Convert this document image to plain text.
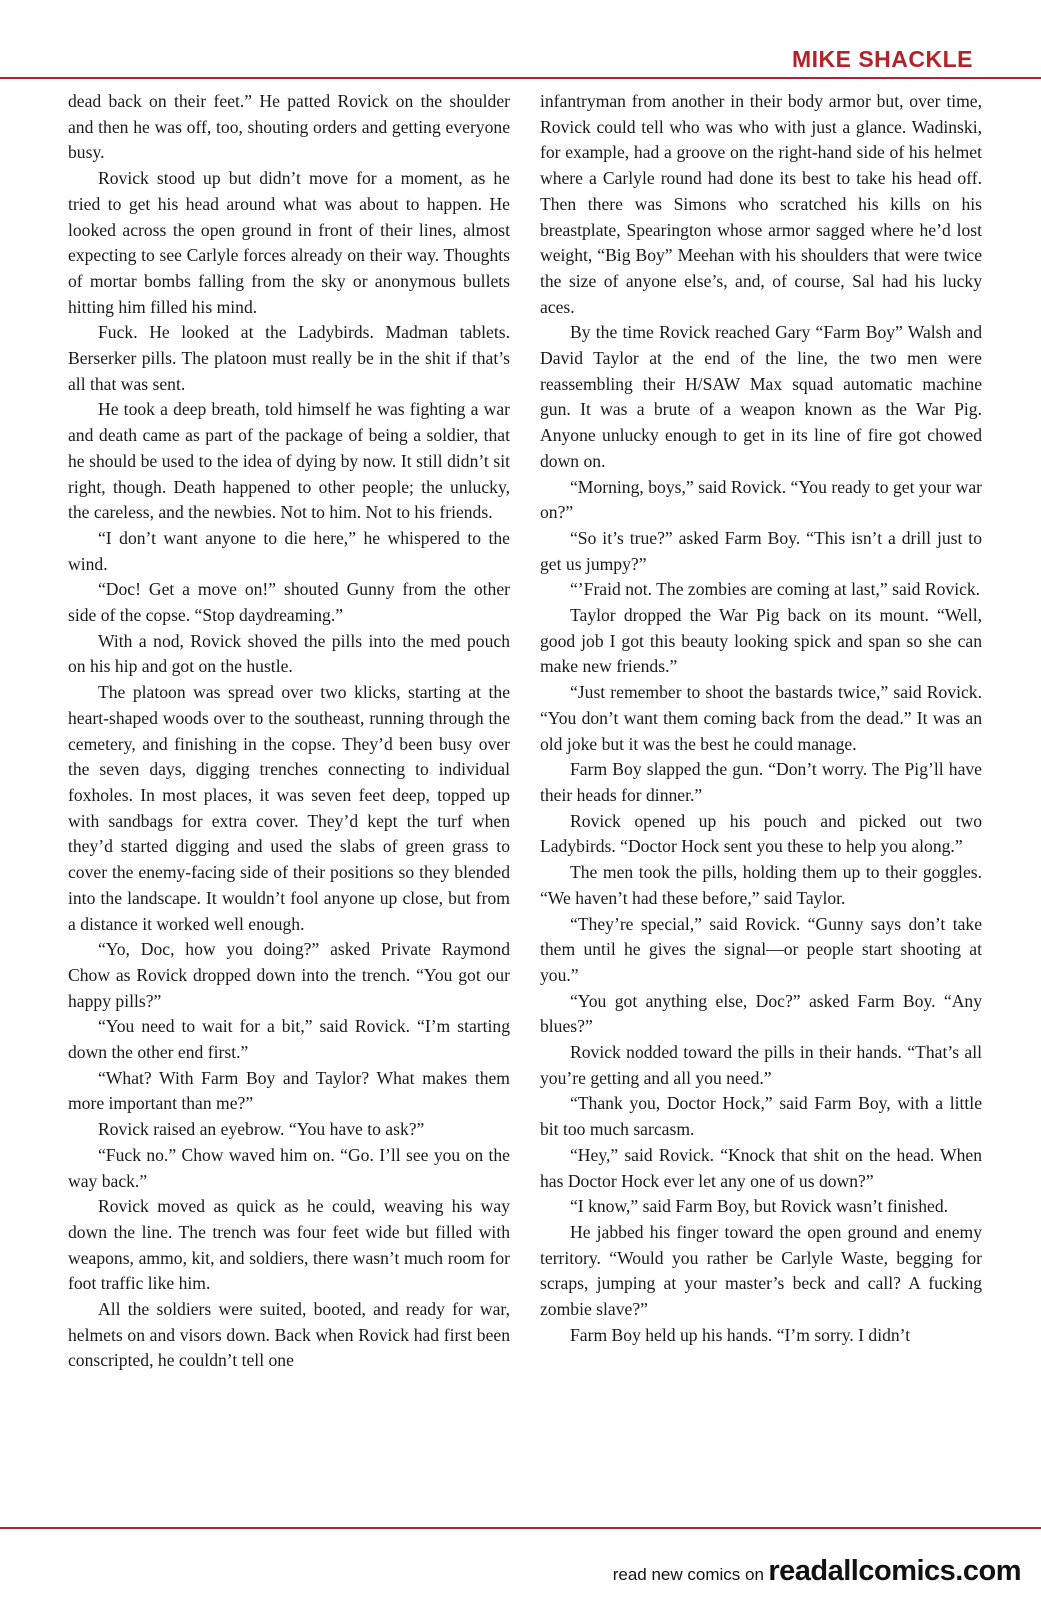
MIKE SHACKLE

dead back on their feet.” He patted Rovick on the shoulder and then he was off, too, shouting orders and getting everyone busy.

Rovick stood up but didn’t move for a moment, as he tried to get his head around what was about to happen. He looked across the open ground in front of their lines, almost expecting to see Carlyle forces already on their way. Thoughts of mortar bombs falling from the sky or anonymous bullets hitting him filled his mind.

Fuck. He looked at the Ladybirds. Madman tablets. Berserker pills. The platoon must really be in the shit if that’s all that was sent.

He took a deep breath, told himself he was fighting a war and death came as part of the package of being a soldier, that he should be used to the idea of dying by now. It still didn’t sit right, though. Death happened to other people; the unlucky, the careless, and the newbies. Not to him. Not to his friends.

“I don’t want anyone to die here,” he whispered to the wind.

“Doc! Get a move on!” shouted Gunny from the other side of the copse. “Stop daydreaming.”

With a nod, Rovick shoved the pills into the med pouch on his hip and got on the hustle.

The platoon was spread over two klicks, starting at the heart-shaped woods over to the southeast, running through the cemetery, and finishing in the copse. They’d been busy over the seven days, digging trenches connecting to individual foxholes. In most places, it was seven feet deep, topped up with sandbags for extra cover. They’d kept the turf when they’d started digging and used the slabs of green grass to cover the enemy-facing side of their positions so they blended into the landscape. It wouldn’t fool anyone up close, but from a distance it worked well enough.

“Yo, Doc, how you doing?” asked Private Raymond Chow as Rovick dropped down into the trench. “You got our happy pills?”

“You need to wait for a bit,” said Rovick. “I’m starting down the other end first.”

“What? With Farm Boy and Taylor? What makes them more important than me?”

Rovick raised an eyebrow. “You have to ask?”

“Fuck no.” Chow waved him on. “Go. I’ll see you on the way back.”

Rovick moved as quick as he could, weaving his way down the line. The trench was four feet wide but filled with weapons, ammo, kit, and soldiers, there wasn’t much room for foot traffic like him.

All the soldiers were suited, booted, and ready for war, helmets on and visors down. Back when Rovick had first been conscripted, he couldn’t tell one

infantryman from another in their body armor but, over time, Rovick could tell who was who with just a glance. Wadinski, for example, had a groove on the right-hand side of his helmet where a Carlyle round had done its best to take his head off. Then there was Simons who scratched his kills on his breastplate, Spearington whose armor sagged where he’d lost weight, “Big Boy” Meehan with his shoulders that were twice the size of anyone else’s, and, of course, Sal had his lucky aces.

By the time Rovick reached Gary “Farm Boy” Walsh and David Taylor at the end of the line, the two men were reassembling their H/SAW Max squad automatic machine gun. It was a brute of a weapon known as the War Pig. Anyone unlucky enough to get in its line of fire got chowed down on.

“Morning, boys,” said Rovick. “You ready to get your war on?”

“So it’s true?” asked Farm Boy. “This isn’t a drill just to get us jumpy?”

“’Fraid not. The zombies are coming at last,” said Rovick.

Taylor dropped the War Pig back on its mount. “Well, good job I got this beauty looking spick and span so she can make new friends.”

“Just remember to shoot the bastards twice,” said Rovick. “You don’t want them coming back from the dead.” It was an old joke but it was the best he could manage.

Farm Boy slapped the gun. “Don’t worry. The Pig’ll have their heads for dinner.”

Rovick opened up his pouch and picked out two Ladybirds. “Doctor Hock sent you these to help you along.”

The men took the pills, holding them up to their goggles. “We haven’t had these before,” said Taylor.

“They’re special,” said Rovick. “Gunny says don’t take them until he gives the signal—or people start shooting at you.”

“You got anything else, Doc?” asked Farm Boy. “Any blues?”

Rovick nodded toward the pills in their hands. “That’s all you’re getting and all you need.”

“Thank you, Doctor Hock,” said Farm Boy, with a little bit too much sarcasm.

“Hey,” said Rovick. “Knock that shit on the head. When has Doctor Hock ever let any one of us down?”

“I know,” said Farm Boy, but Rovick wasn’t finished.

He jabbed his finger toward the open ground and enemy territory. “Would you rather be Carlyle Waste, begging for scraps, jumping at your master’s beck and call? A fucking zombie slave?”

Farm Boy held up his hands. “I’m sorry. I didn’t

read new comics on readallcomics.com
